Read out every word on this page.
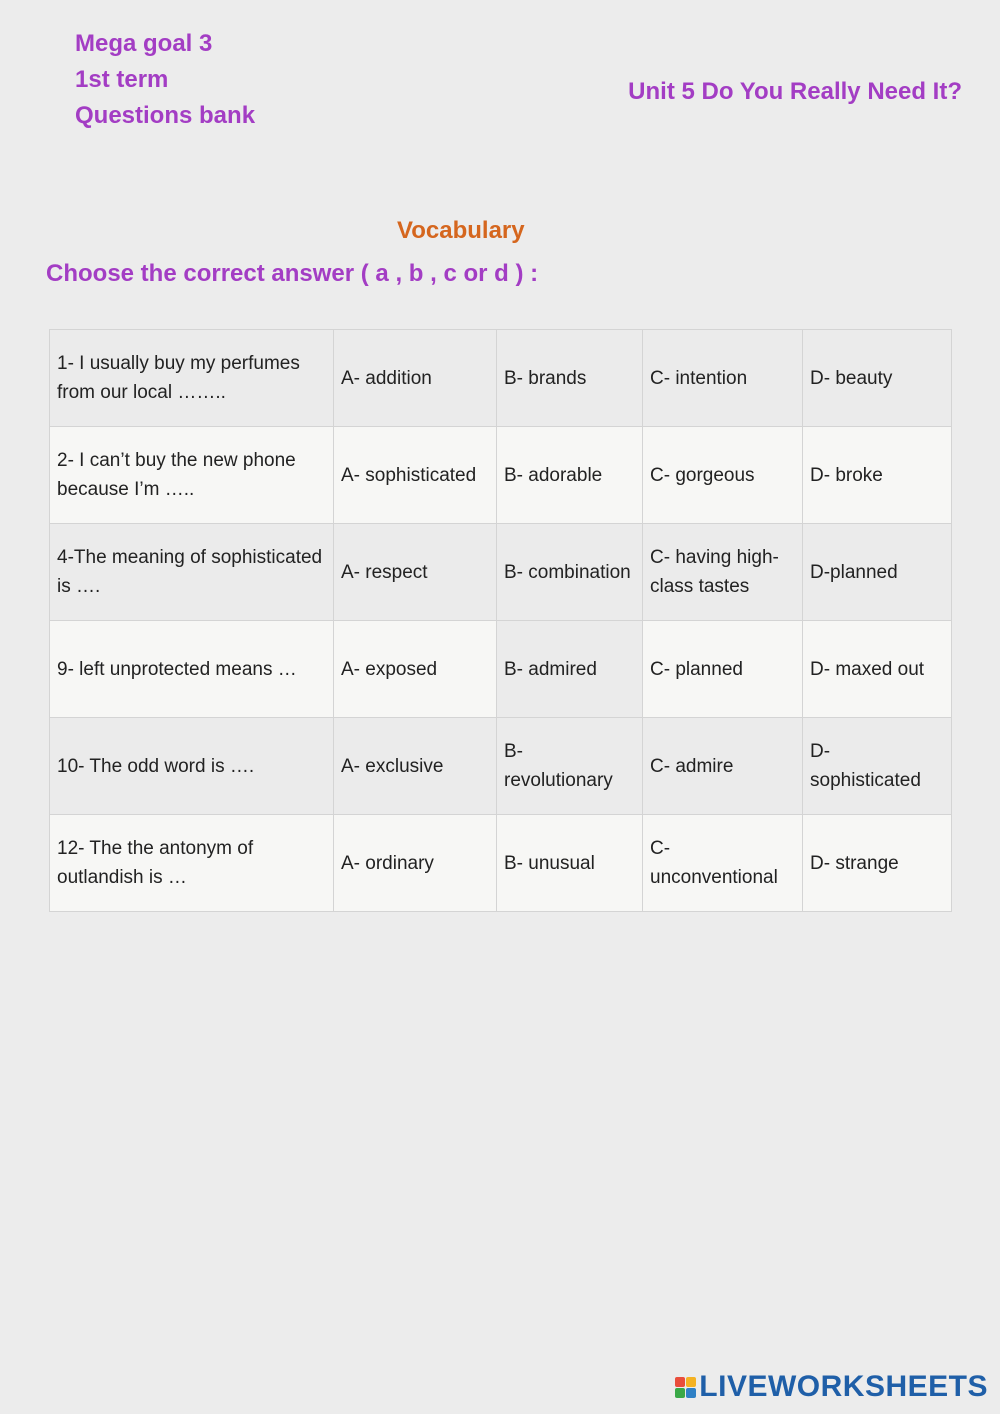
Mega goal 3
1st term
Questions bank
Unit 5 Do You Really Need It?
Vocabulary
Choose the correct answer ( a , b , c or d ) :
1- I usually buy my perfumes from our local ……..	A- addition	B- brands	C- intention	D- beauty
2- I can’t buy the new phone because I’m …..	A- sophisticated	B- adorable	C- gorgeous	D- broke
4-The meaning of sophisticated is ….	A- respect	B- combination	C- having high-class tastes	D-planned
9- left unprotected means …	A- exposed	B- admired	C- planned	D- maxed out
10- The odd word is ….	A- exclusive	B- revolutionary	C- admire	D- sophisticated
12- The the antonym of outlandish is …	A- ordinary	B- unusual	C- unconventional	D- strange
LIVEWORKSHEETS
